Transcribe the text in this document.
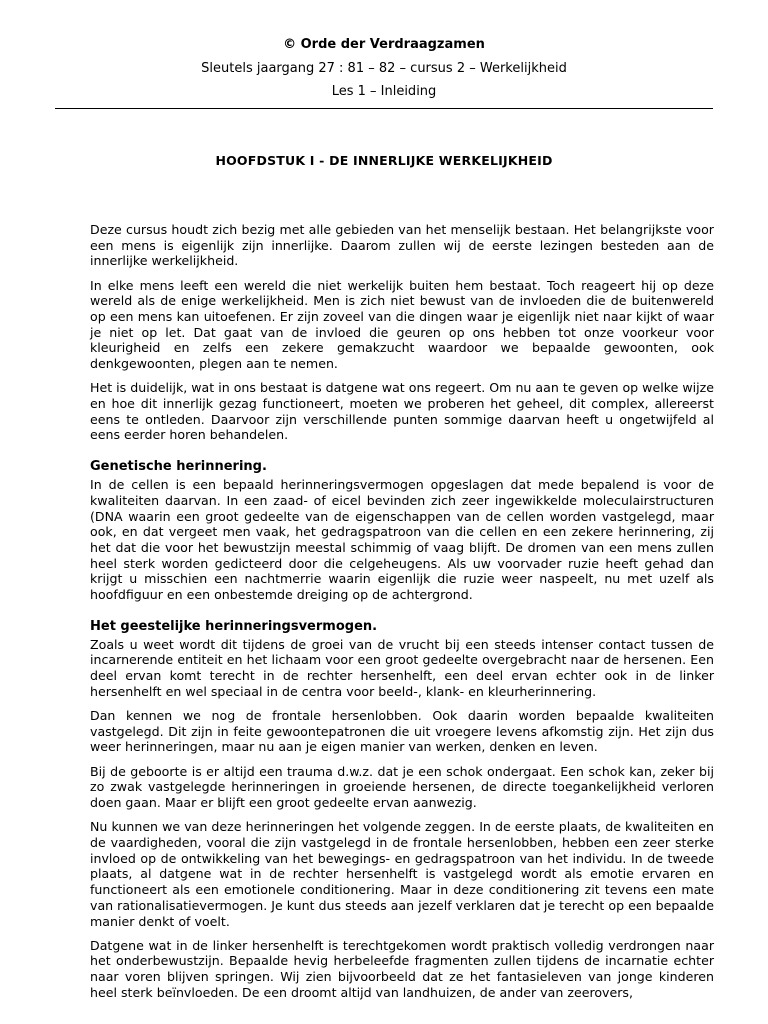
© Orde der Verdraagzamen
Sleutels jaargang 27 : 81 – 82 – cursus 2 – Werkelijkheid
Les 1 – Inleiding
HOOFDSTUK I - DE INNERLIJKE WERKELIJKHEID

Deze cursus houdt zich bezig met alle gebieden van het menselijk bestaan. Het belangrijkste voor een mens is eigenlijk zijn innerlijke. Daarom zullen wij de eerste lezingen besteden aan de innerlijke werkelijkheid.

In elke mens leeft een wereld die niet werkelijk buiten hem bestaat. Toch reageert hij op deze wereld als de enige werkelijkheid. Men is zich niet bewust van de invloeden die de buitenwereld op een mens kan uitoefenen. Er zijn zoveel van die dingen waar je eigenlijk niet naar kijkt of waar je niet op let. Dat gaat van de invloed die geuren op ons hebben tot onze voorkeur voor kleurigheid en zelfs een zekere gemakzucht waardoor we bepaalde gewoonten, ook denkgewoonten, plegen aan te nemen.

Het is duidelijk, wat in ons bestaat is datgene wat ons regeert. Om nu aan te geven op welke wijze en hoe dit innerlijk gezag functioneert, moeten we proberen het geheel, dit complex, allereerst eens te ontleden. Daarvoor zijn verschillende punten sommige daarvan heeft u ongetwijfeld al eens eerder horen behandelen.

Genetische herinnering.

In de cellen is een bepaald herinneringsvermogen opgeslagen dat mede bepalend is voor de kwaliteiten daarvan. In een zaad- of eicel bevinden zich zeer ingewikkelde moleculairstructuren (DNA waarin een groot gedeelte van de eigenschappen van de cellen worden vastgelegd, maar ook, en dat vergeet men vaak, het gedragspatroon van die cellen en een zekere herinnering, zij het dat die voor het bewustzijn meestal schimmig of vaag blijft. De dromen van een mens zullen heel sterk worden gedicteerd door die celgeheugens. Als uw voorvader ruzie heeft gehad dan krijgt u misschien een nachtmerrie waarin eigenlijk die ruzie weer naspeelt, nu met uzelf als hoofdfiguur en een onbestemde dreiging op de achtergrond.

Het geestelijke herinneringsvermogen.

Zoals u weet wordt dit tijdens de groei van de vrucht bij een steeds intenser contact tussen de incarnerende entiteit en het lichaam voor een groot gedeelte overgebracht naar de hersenen. Een deel ervan komt terecht in de rechter hersenhelft, een deel ervan echter ook in de linker hersenhelft en wel speciaal in de centra voor beeld-, klank- en kleurherinnering.

Dan kennen we nog de frontale hersenlobben. Ook daarin worden bepaalde kwaliteiten vastgelegd. Dit zijn in feite gewoontepatronen die uit vroegere levens afkomstig zijn. Het zijn dus weer herinneringen, maar nu aan je eigen manier van werken, denken en leven.

Bij de geboorte is er altijd een trauma d.w.z. dat je een schok ondergaat. Een schok kan, zeker bij zo zwak vastgelegde herinneringen in groeiende hersenen, de directe toegankelijkheid verloren doen gaan. Maar er blijft een groot gedeelte ervan aanwezig.

Nu kunnen we van deze herinneringen het volgende zeggen. In de eerste plaats, de kwaliteiten en de vaardigheden, vooral die zijn vastgelegd in de frontale hersenlobben, hebben een zeer sterke invloed op de ontwikkeling van het bewegings- en gedragspatroon van het individu. In de tweede plaats, al datgene wat in de rechter hersenhelft is vastgelegd wordt als emotie ervaren en functioneert als een emotionele conditionering. Maar in deze conditionering zit tevens een mate van rationalisatievermogen. Je kunt dus steeds aan jezelf verklaren dat je terecht op een bepaalde manier denkt of voelt.

Datgene wat in de linker hersenhelft is terechtgekomen wordt praktisch volledig verdrongen naar het onderbewustzijn. Bepaalde hevig herbeleefde fragmenten zullen tijdens de incarnatie echter naar voren blijven springen. Wij zien bijvoorbeeld dat ze het fantasieleven van jonge kinderen heel sterk beïnvloeden. De een droomt altijd van landhuizen, de ander van zeerovers,
